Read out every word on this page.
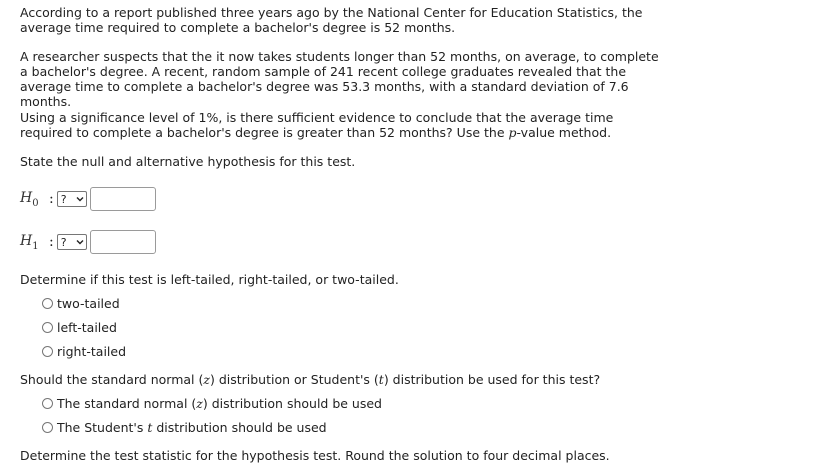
According to a report published three years ago by the National Center for Education Statistics, the average time required to complete a bachelor's degree is 52 months.

A researcher suspects that the it now takes students longer than 52 months, on average, to complete a bachelor's degree. A recent, random sample of 241 recent college graduates revealed that the average time to complete a bachelor's degree was 53.3 months, with a standard deviation of 7.6 months.

Using a significance level of 1%, is there sufficient evidence to conclude that the average time required to complete a bachelor's degree is greater than 52 months? Use the p-value method.

State the null and alternative hypothesis for this test.

$H_0$ : ?
$H_1$ : ?

Determine if this test is left-tailed, right-tailed, or two-tailed.

two-tailed
left-tailed
right-tailed

Should the standard normal (z) distribution or Student's (t) distribution be used for this test?

The standard normal (z) distribution should be used
The Student's t distribution should be used

Determine the test statistic for the hypothesis test. Round the solution to four decimal places.
